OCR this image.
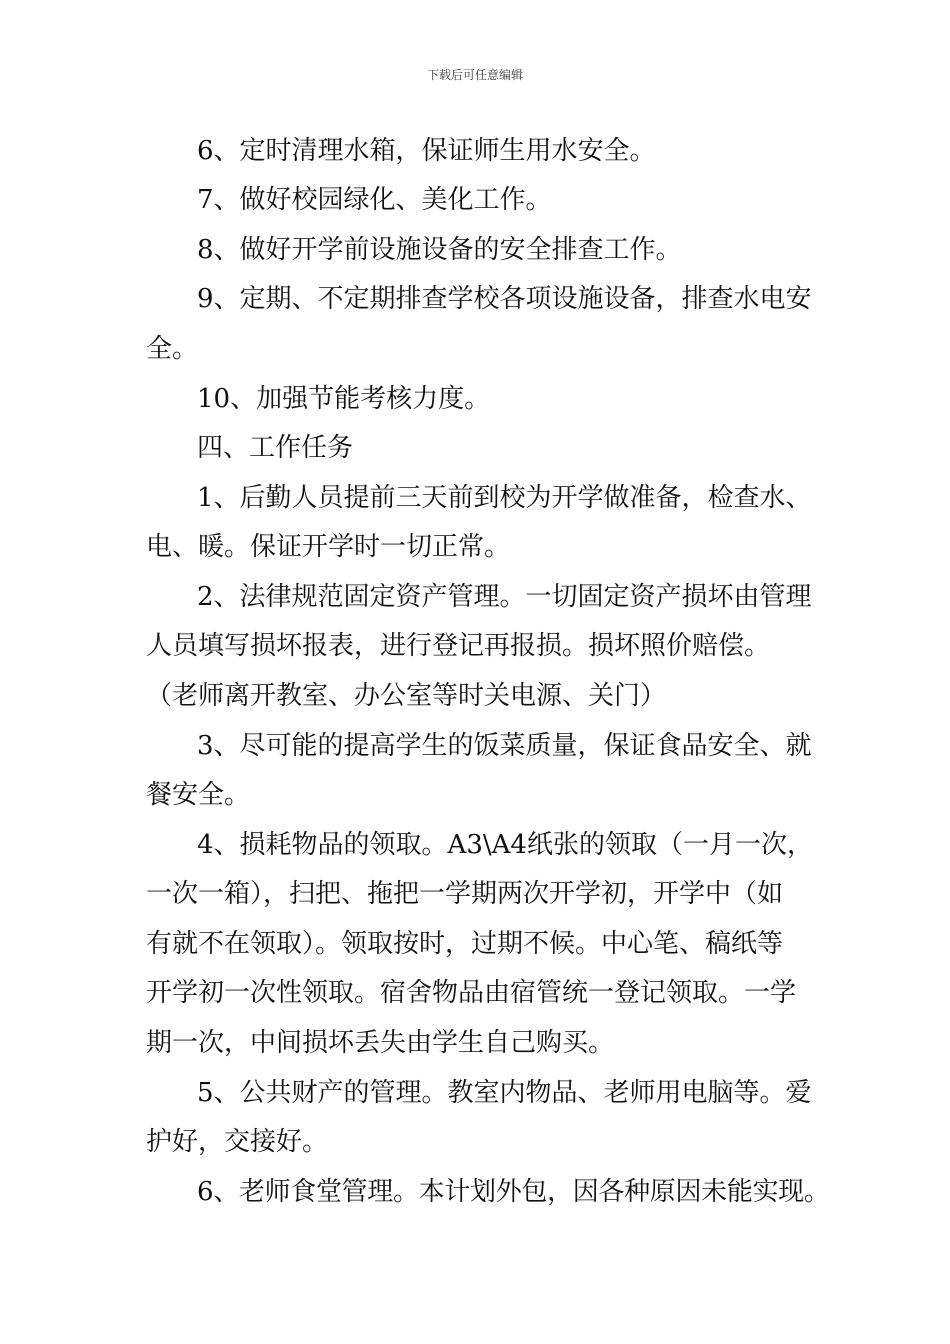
下载后可任意编辑
6、定时清理水箱，保证师生用水安全。
7、做好校园绿化、美化工作。
8、做好开学前设施设备的安全排查工作。
9、定期、不定期排查学校各项设施设备，排查水电安
全。
10、加强节能考核力度。
四、工作任务
1、后勤人员提前三天前到校为开学做准备，检查水、
电、暖。保证开学时一切正常。
2、法律规范固定资产管理。一切固定资产损坏由管理
人员填写损坏报表，进行登记再报损。损坏照价赔偿。
（老师离开教室、办公室等时关电源、关门）
3、尽可能的提高学生的饭菜质量，保证食品安全、就
餐安全。
4、损耗物品的领取。A3\A4纸张的领取（一月一次，
一次一箱），扫把、拖把一学期两次开学初，开学中（如
有就不在领取）。领取按时，过期不候。中心笔、稿纸等
开学初一次性领取。宿舍物品由宿管统一登记领取。一学
期一次，中间损坏丢失由学生自己购买。
5、公共财产的管理。教室内物品、老师用电脑等。爱
护好，交接好。
6、老师食堂管理。本计划外包，因各种原因未能实现。
